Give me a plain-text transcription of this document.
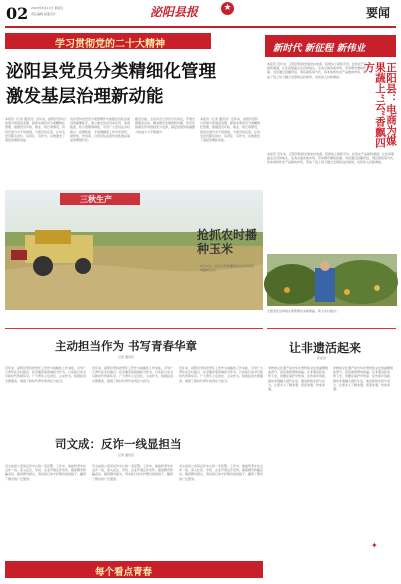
02 2023年8月11日 星期五
责任编辑 版面设计	泌阳县报	★	要闻
学习贯彻党的二十大精神
泌阳县党员分类精细化管理
激发基层治理新动能
本报讯（记者 通讯员）近年来，泌阳县坚持以党建引领基层治理，探索实施党员分类精细化管理，根据党员年龄、职业、特长等情况，将党员划分为不同类别，分类设岗定责，让每名党员都有岗位、有责任、有作为，有效激发了基层治理新动能。
该县坚持把党员分类管理作为加强党员队伍建设的重要抓手，建立健全党员设岗定责、承诺践诺、积分管理等制度，引导广大党员在乡村振兴、疫情防控、矛盾调解等工作中亮身份、树形象、作表率，以党员队伍的先进性推动基层治理现代化。
截至目前，全县共设立党员示范岗位，开展志愿服务活动，解决群众急难愁盼问题，党员先锋模范作用得到充分发挥，基层党组织的凝聚力和战斗力不断提升。
本报讯（记者 通讯员）近年来，泌阳县坚持以党建引领基层治理，探索实施党员分类精细化管理，根据党员年龄、职业、特长等情况，将党员划分为不同类别，分类设岗定责，让每名党员都有岗位、有责任、有作为，有效激发了基层治理新动能。
新时代 新征程 新伟业
本报讯 近年来，正阳县积极发展农村电商，搭建线上销售平台，拓宽农产品销售渠道，让优质果蔬走出田间地头，走向全国各地市场，带动群众增收致富。该县通过直播带货、网店销售等方式，将本地特色农产品推向市场，形成了线上线下融合发展的良好格局，农民收入持续增加。
本报讯 近年来，正阳县积极发展农村电商，搭建线上销售平台，拓宽农产品销售渠道，让优质果蔬走出田间地头，走向全国各地市场，带动群众增收致富。该县通过直播带货、网店销售等方式，将本地特色农产品推向市场，形成了线上线下融合发展的良好格局，农民收入持续增加。
正阳县：电商为媒果蔬上“云”香飘四方
志愿者在田间地头帮助群众采摘果蔬，助力乡村振兴。
三秋生产
抢抓农时播种玉米
8月10日，农机手驾驶播种机在田间抢抢墒播种玉米。
主动担当作为 书写青春华章
记者 通讯员
近年来，泌阳县坚持把青年工作作为战略性工作来抓，引导广大青年在乡村振兴、社会服务等领域担当作为，以实际行动书写新时代青春华章。广大青年立足岗位、主动作为，积极投身志愿服务，展现了新时代青年的责任与担当。
近年来，泌阳县坚持把青年工作作为战略性工作来抓，引导广大青年在乡村振兴、社会服务等领域担当作为，以实际行动书写新时代青春华章。广大青年立足岗位、主动作为，积极投身志愿服务，展现了新时代青年的责任与担当。
近年来，泌阳县坚持把青年工作作为战略性工作来抓，引导广大青年在乡村振兴、社会服务等领域担当作为，以实际行动书写新时代青春华章。广大青年立足岗位、主动作为，积极投身志愿服务，展现了新时代青年的责任与担当。
司文成：反诈一线显担当
记者 通讯员
司文成是公安局反诈中心的一名民警。工作中，他始终坚守在反诈一线，深入社区、学校、企业开展反诈宣传，提高群众防骗意识，挽回群众损失，用实际行动守护群众的钱袋子，赢得了群众的广泛赞誉。
司文成是公安局反诈中心的一名民警。工作中，他始终坚守在反诈一线，深入社区、学校、企业开展反诈宣传，提高群众防骗意识，挽回群众损失，用实际行动守护群众的钱袋子，赢得了群众的广泛赞誉。
司文成是公安局反诈中心的一名民警。工作中，他始终坚守在反诈一线，深入社区、学校、企业开展反诈宣传，提高群众防骗意识，挽回群众损失，用实际行动守护群众的钱袋子，赢得了群众的广泛赞誉。
让非遗活起来
评论员
非物质文化遗产是中华优秀传统文化的重要组成部分，是民族智慧的结晶。让非遗活起来、传下去，需要在保护中传承，在传承中创新，推动非遗融入现代生活，焕发新的生机与活力，让更多人了解非遗、喜爱非遗、传承非遗。
非物质文化遗产是中华优秀传统文化的重要组成部分，是民族智慧的结晶。让非遗活起来、传下去，需要在保护中传承，在传承中创新，推动非遗融入现代生活，焕发新的生机与活力，让更多人了解非遗、喜爱非遗、传承非遗。
✦
每个看点青春
